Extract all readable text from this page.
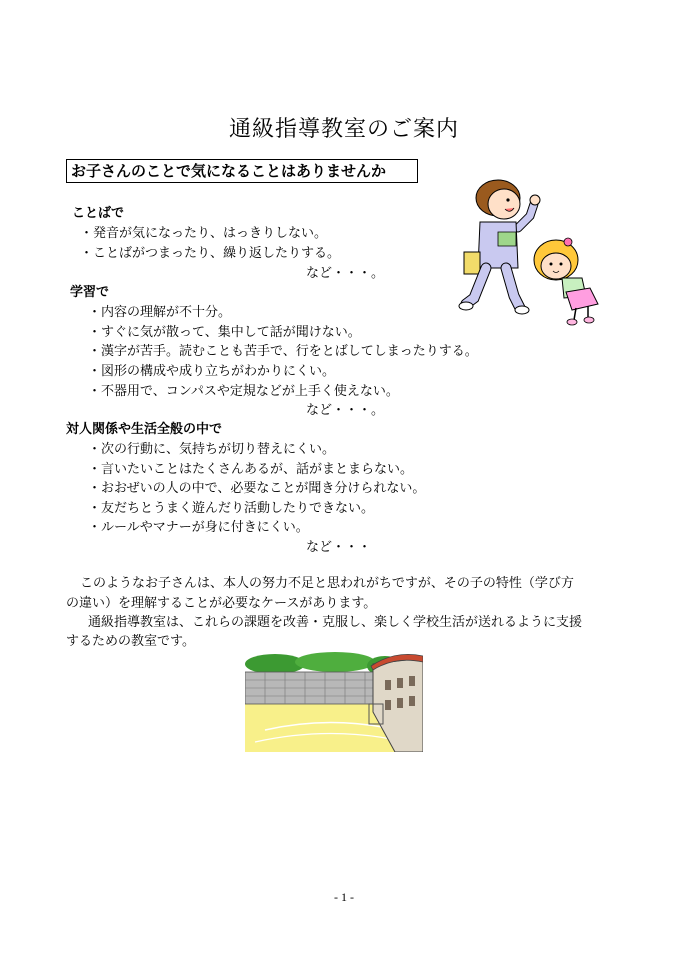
通級指導教室のご案内
お子さんのことで気になることはありませんか
ことばで
・発音が気になったり、はっきりしない。
・ことばがつまったり、繰り返したりする。
など・・・。
学習で
・内容の理解が不十分。
・すぐに気が散って、集中して話が聞けない。
・漢字が苦手。読むことも苦手で、行をとばしてしまったりする。
・図形の構成や成り立ちがわかりにくい。
・不器用で、コンパスや定規などが上手く使えない。
など・・・。
対人関係や生活全般の中で
・次の行動に、気持ちが切り替えにくい。
・言いたいことはたくさんあるが、話がまとまらない。
・おおぜいの人の中で、必要なことが聞き分けられない。
・友だちとうまく遊んだり活動したりできない。
・ルールやマナーが身に付きにくい。
など・・・
このようなお子さんは、本人の努力不足と思われがちですが、その子の特性（学び方
の違い）を理解することが必要なケースがあります。
通級指導教室は、これらの課題を改善・克服し、楽しく学校生活が送れるように支援
するための教室です。
- 1 -
